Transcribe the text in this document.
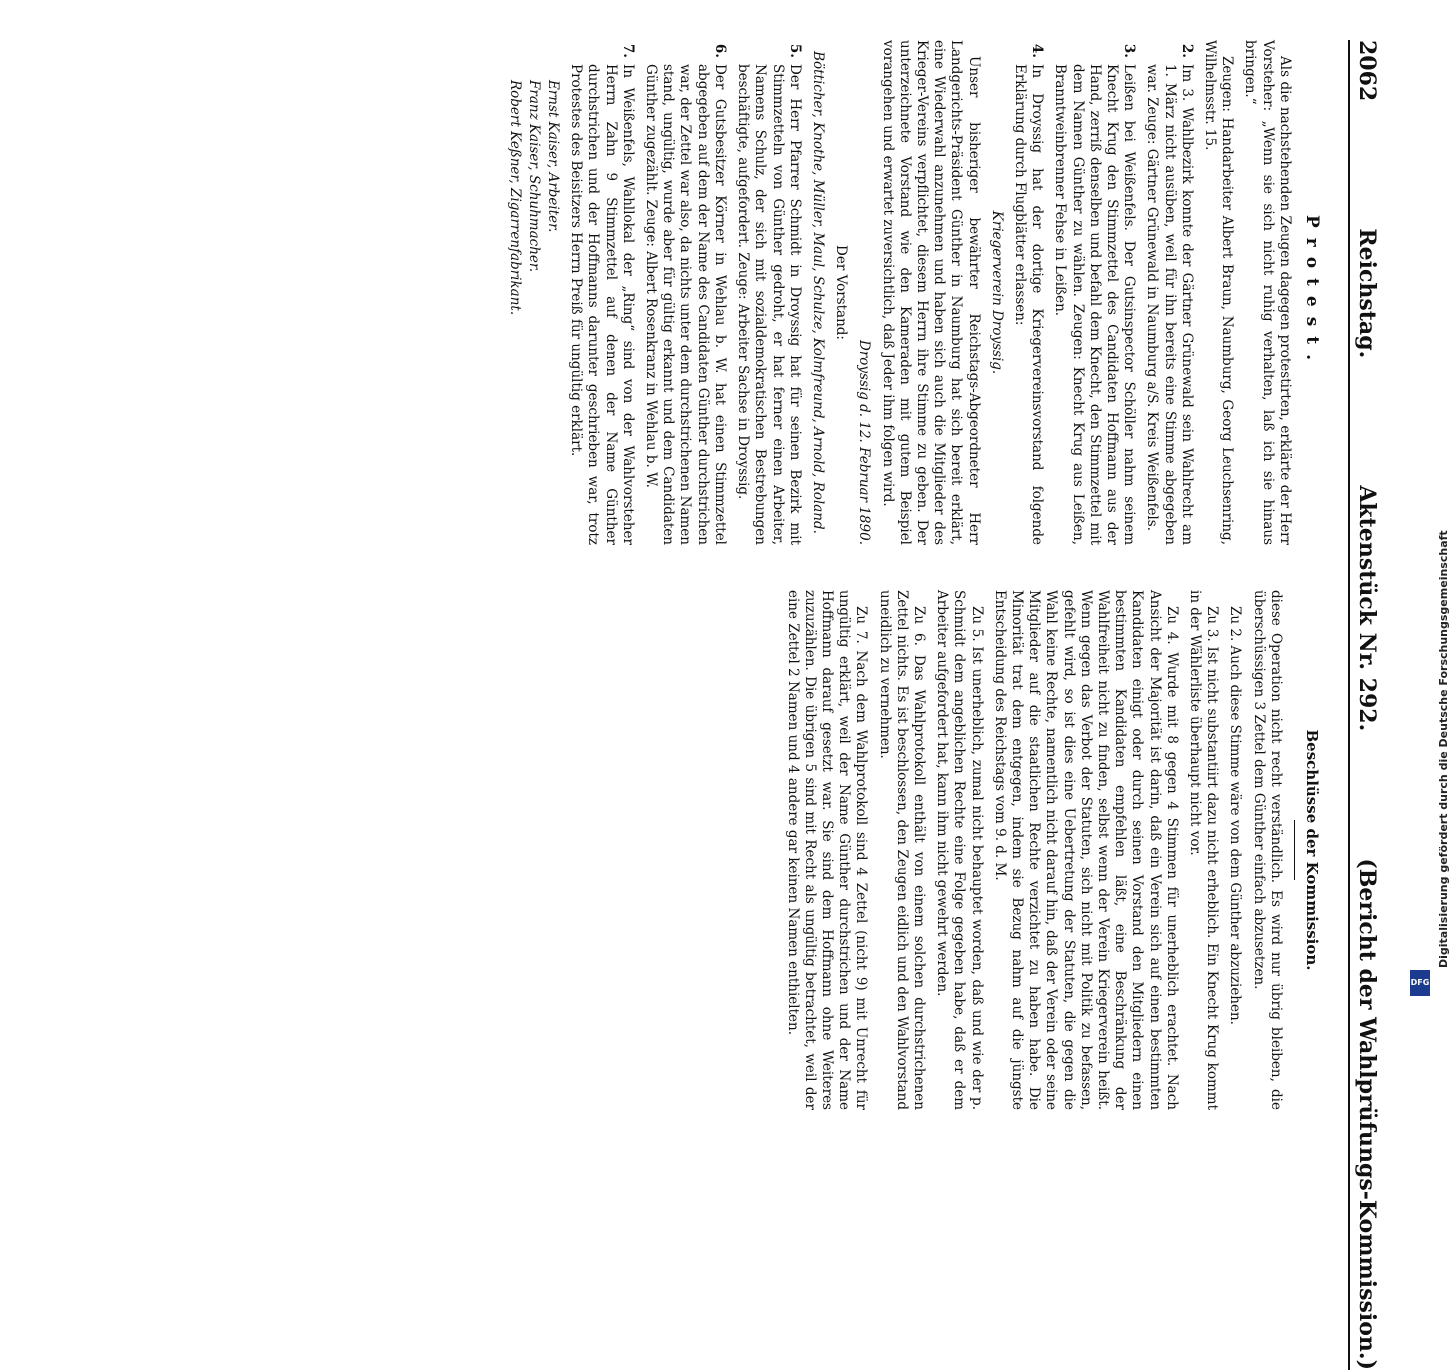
2062
Reichstag.
Aktenstück Nr. 292.
(Bericht der Wahlprüfungs-Kommission.)
Protest.

Als die nachstehenden Zeugen dagegen protestirten, erklärte der Herr Vorsteher: „Wenn sie sich nicht ruhig verhalten, laß ich sie hinaus bringen.“

Zeugen: Handarbeiter Albert Braun, Naumburg, Georg Leuchsenring, Wilhelmsstr. 15.

2.
Im 3. Wahlbezirk konnte der Gärtner Grünewald sein Wahlrecht am 1. März nicht ausüben, weil für ihn bereits eine Stimme abgegeben war. Zeuge: Gärtner Grünewald in Naumburg a/S. Kreis Weißenfels.
3.
Leißen bei Weißenfels. Der Gutsinspector Schöller nahm seinem Knecht Krug den Stimmzettel des Candidaten Hoffmann aus der Hand, zerriß denselben und befahl dem Knecht, den Stimmzettel mit dem Namen Günther zu wählen. Zeugen: Knecht Krug aus Leißen, Branntweinbrenner Fehse in Leißen.
4.
In Droyssig hat der dortige Kriegervereinsvorstand folgende Erklärung durch Flugblätter erlassen:

Kriegerverein Droyssig.

Unser bisheriger bewährter Reichstags-Abgeordneter Herr Landgerichts-Präsident Günther in Naumburg hat sich bereit erklärt, eine Wiederwahl anzunehmen und haben sich auch die Mitglieder des Krieger-Vereins verpflichtet, diesem Herrn ihre Stimme zu geben. Der unterzeichnete Vorstand wie den Kameraden mit gutem Beispiel vorangehen und erwartet zuversichtlich, daß Jeder ihm folgen wird.

Droyssig d. 12. Februar 1890.

Der Vorstand:

Bötticher, Knothe, Müller, Maul, Schulze, Kolmfreund, Arnold, Roland.

5.
Der Herr Pfarrer Schmidt in Droyssig hat für seinen Bezirk mit Stimmzetteln von Günther gedroht, er hat ferner einen Arbeiter, Namens Schulz, der sich mit sozialdemokratischen Bestrebungen beschäftigte, aufgefordert. Zeuge: Arbeiter Sachse in Droyssig.
6.
Der Gutsbesitzer Körner in Wehlau b. W. hat einen Stimmzettel abgegeben auf dem der Name des Candidaten Günther durchstrichen war, der Zettel war also, da nichts unter dem durchstrichenen Namen stand, ungültig, wurde aber für gültig erkannt und dem Candidaten Günther zugezählt. Zeuge: Albert Rosenkranz in Wehlau b. W.
7.
In Weißenfels, Wahllokal der „Ring“ sind von der Wahlvorsteher Herrn Zahn 9 Stimmzettel auf denen der Name Günther durchstrichen und der Hoffmanns darunter geschrieben war, trotz Protestes des Beisitzers Herrn Preiß für ungültig erklärt.

Ernst Kaiser, Arbeiter.

Franz Kaiser, Schuhmacher.

Robert Keßner, Zigarrenfabrikant.

Beschlüsse der Kommission.

diese Operation nicht recht verständlich. Es wird nur übrig bleiben, die überschüssigen 3 Zettel dem Günther einfach abzusetzen.

Zu 2. Auch diese Stimme wäre von dem Günther abzuziehen.

Zu 3. Ist nicht substantiirt dazu nicht erheblich. Ein Knecht Krug kommt in der Wählerliste überhaupt nicht vor.

Zu 4. Wurde mit 8 gegen 4 Stimmen für unerheblich erachtet. Nach Ansicht der Majorität ist darin, daß ein Verein sich auf einen bestimmten Kandidaten einigt oder durch seinen Vorstand den Mitgliedern einen bestimmten Kandidaten empfehlen läßt, eine Beschränkung der Wahlfreiheit nicht zu finden, selbst wenn der Verein Kriegerverein heißt. Wenn gegen das Verbot der Statuten, sich nicht mit Politik zu befassen, gefehlt wird, so ist dies eine Uebertretung der Statuten, die gegen die Wahl keine Rechte, namentlich nicht darauf hin, daß der Verein oder seine Mitglieder auf die staatlichen Rechte verzichtet zu haben habe. Die Minorität trat dem entgegen, indem sie Bezug nahm auf die jüngste Entscheidung des Reichstags vom 9. d. M.

Zu 5. Ist unerheblich, zumal nicht behauptet worden, daß und wie der p. Schmidt dem angeblichen Rechte eine Folge gegeben habe, daß er dem Arbeiter aufgefordert hat, kann ihm nicht gewehrt werden.

Zu 6. Das Wahlprotokoll enthält von einem solchen durchstrichenen Zettel nichts. Es ist beschlossen, den Zeugen eidlich und den Wahlvorstand uneidlich zu vernehmen.

Zu 7. Nach dem Wahlprotokoll sind 4 Zettel (nicht 9) mit Unrecht für ungültig erklärt, weil der Name Günther durchstrichen und der Name Hoffmann darauf gesetzt war. Sie sind dem Hoffmann ohne Weiteres zuzuzählen. Die übrigen 5 sind mit Recht als ungültig betrachtet, weil der eine Zettel 2 Namen und 4 andere gar keinen Namen enthielten.	Digitalisierung gefördert durch die Deutsche Forschungsgemeinschaft
DFG
